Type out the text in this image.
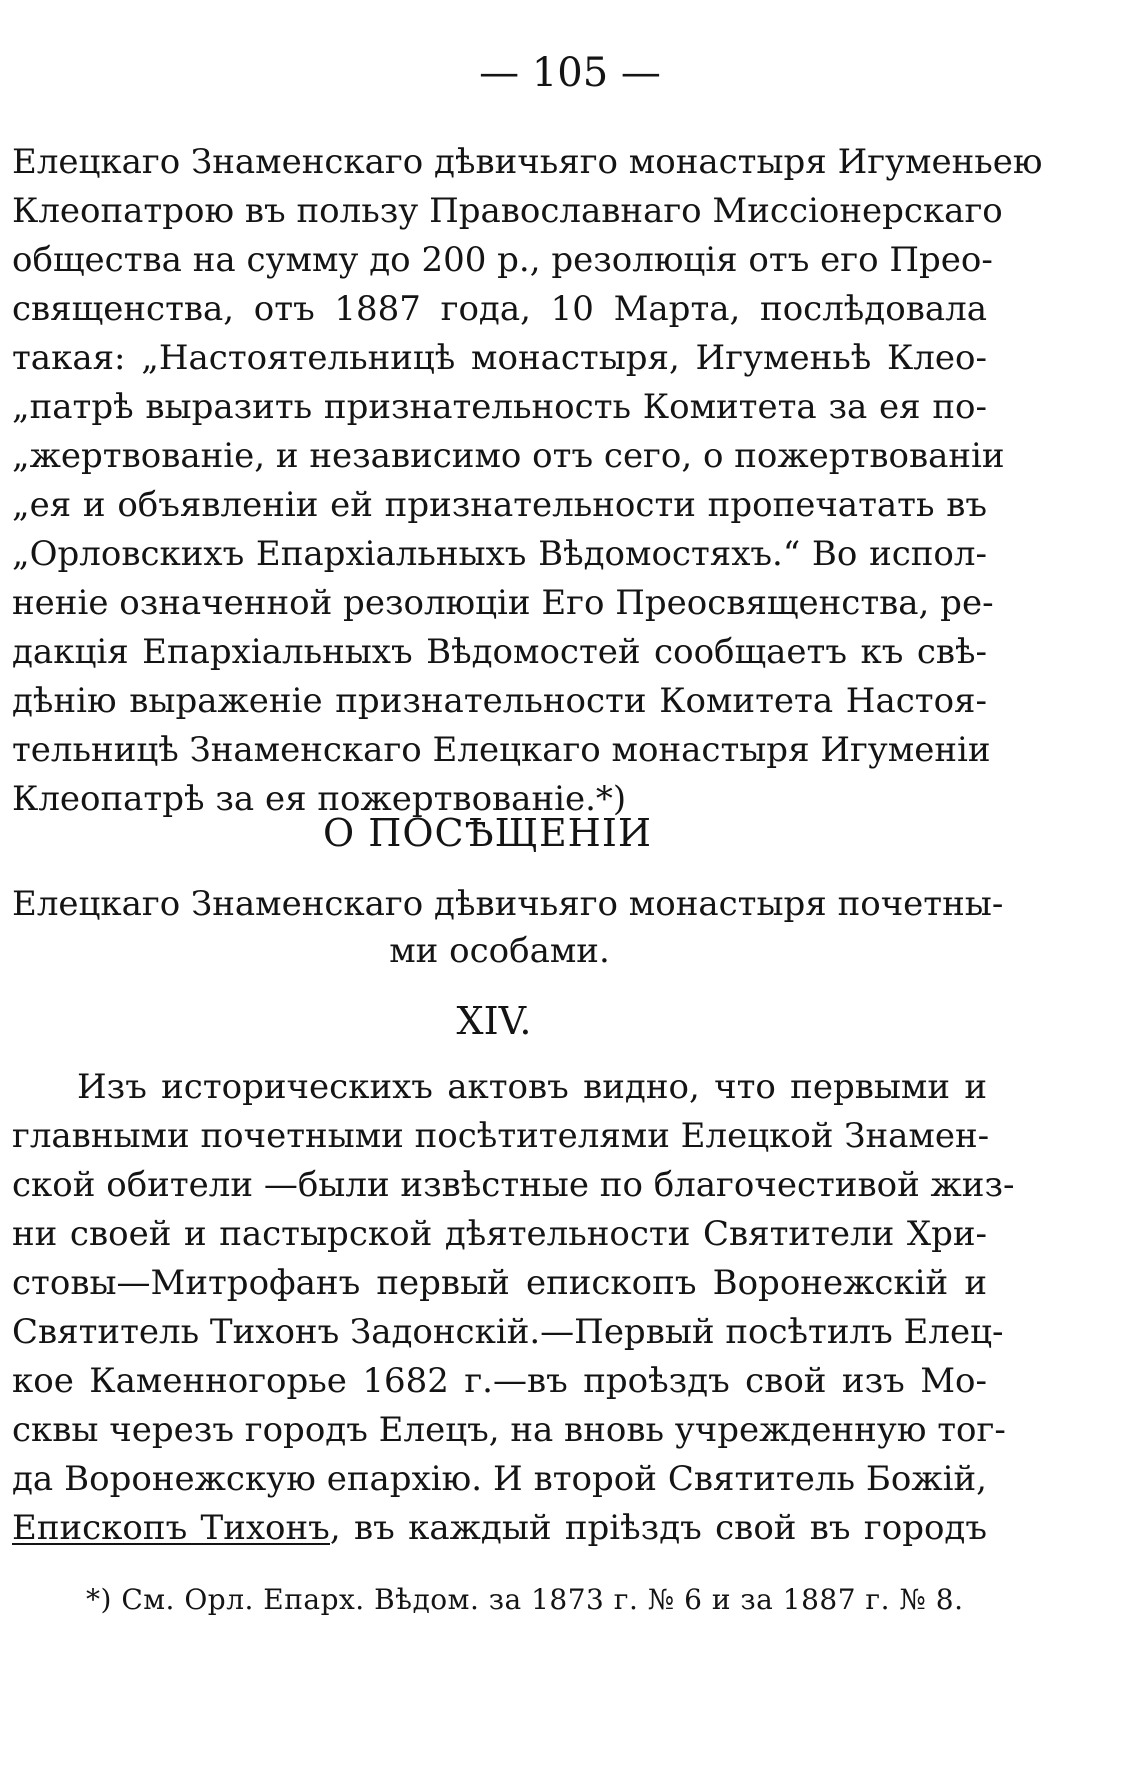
— 105 —
Елецкаго Знаменскаго дѣвичьяго монастыря Игуменьею
Клеопатрою въ пользу Православнаго Миссіонерскаго
общества на сумму до 200 р., резолюція отъ его Прео-
священства, отъ 1887 года, 10 Марта, послѣдовала
такая: „Настоятельницѣ монастыря, Игуменьѣ Клео-
„патрѣ выразить признательность Комитета за ея по-
„жертвованіе, и независимо отъ сего, о пожертвованіи
„ея и объявленіи ей признательности пропечатать въ
„Орловскихъ Епархіальныхъ Вѣдомостяхъ.“ Во испол-
неніе означенной резолюціи Его Преосвященства, ре-
дакція Епархіальныхъ Вѣдомостей сообщаетъ къ свѣ-
дѣнію выраженіе признательности Комитета Настоя-
тельницѣ Знаменскаго Елецкаго монастыря Игуменіи
Клеопатрѣ за ея пожертвованіе.*)
О ПОСѢЩЕНІИ
Елецкаго Знаменскаго дѣвичьяго монастыря почетны-
ми особами.
XIV.
Изъ историческихъ актовъ видно, что первыми и
главными почетными посѣтителями Елецкой Знамен-
ской обители —были извѣстные по благочестивой жиз-
ни своей и пастырской дѣятельности Святители Хри-
стовы—Митрофанъ первый епископъ Воронежскій и
Святитель Тихонъ Задонскій.—Первый посѣтилъ Елец-
кое Каменногорье 1682 г.—въ проѣздъ свой изъ Мо-
сквы черезъ городъ Елецъ, на вновь учрежденную тог-
да Воронежскую епархію. И второй Святитель Божій,
Епископъ Тихонъ, въ каждый пріѣздъ свой въ городъ
*) См. Орл. Епарх. Вѣдом. за 1873 г. № 6 и за 1887 г. № 8.
